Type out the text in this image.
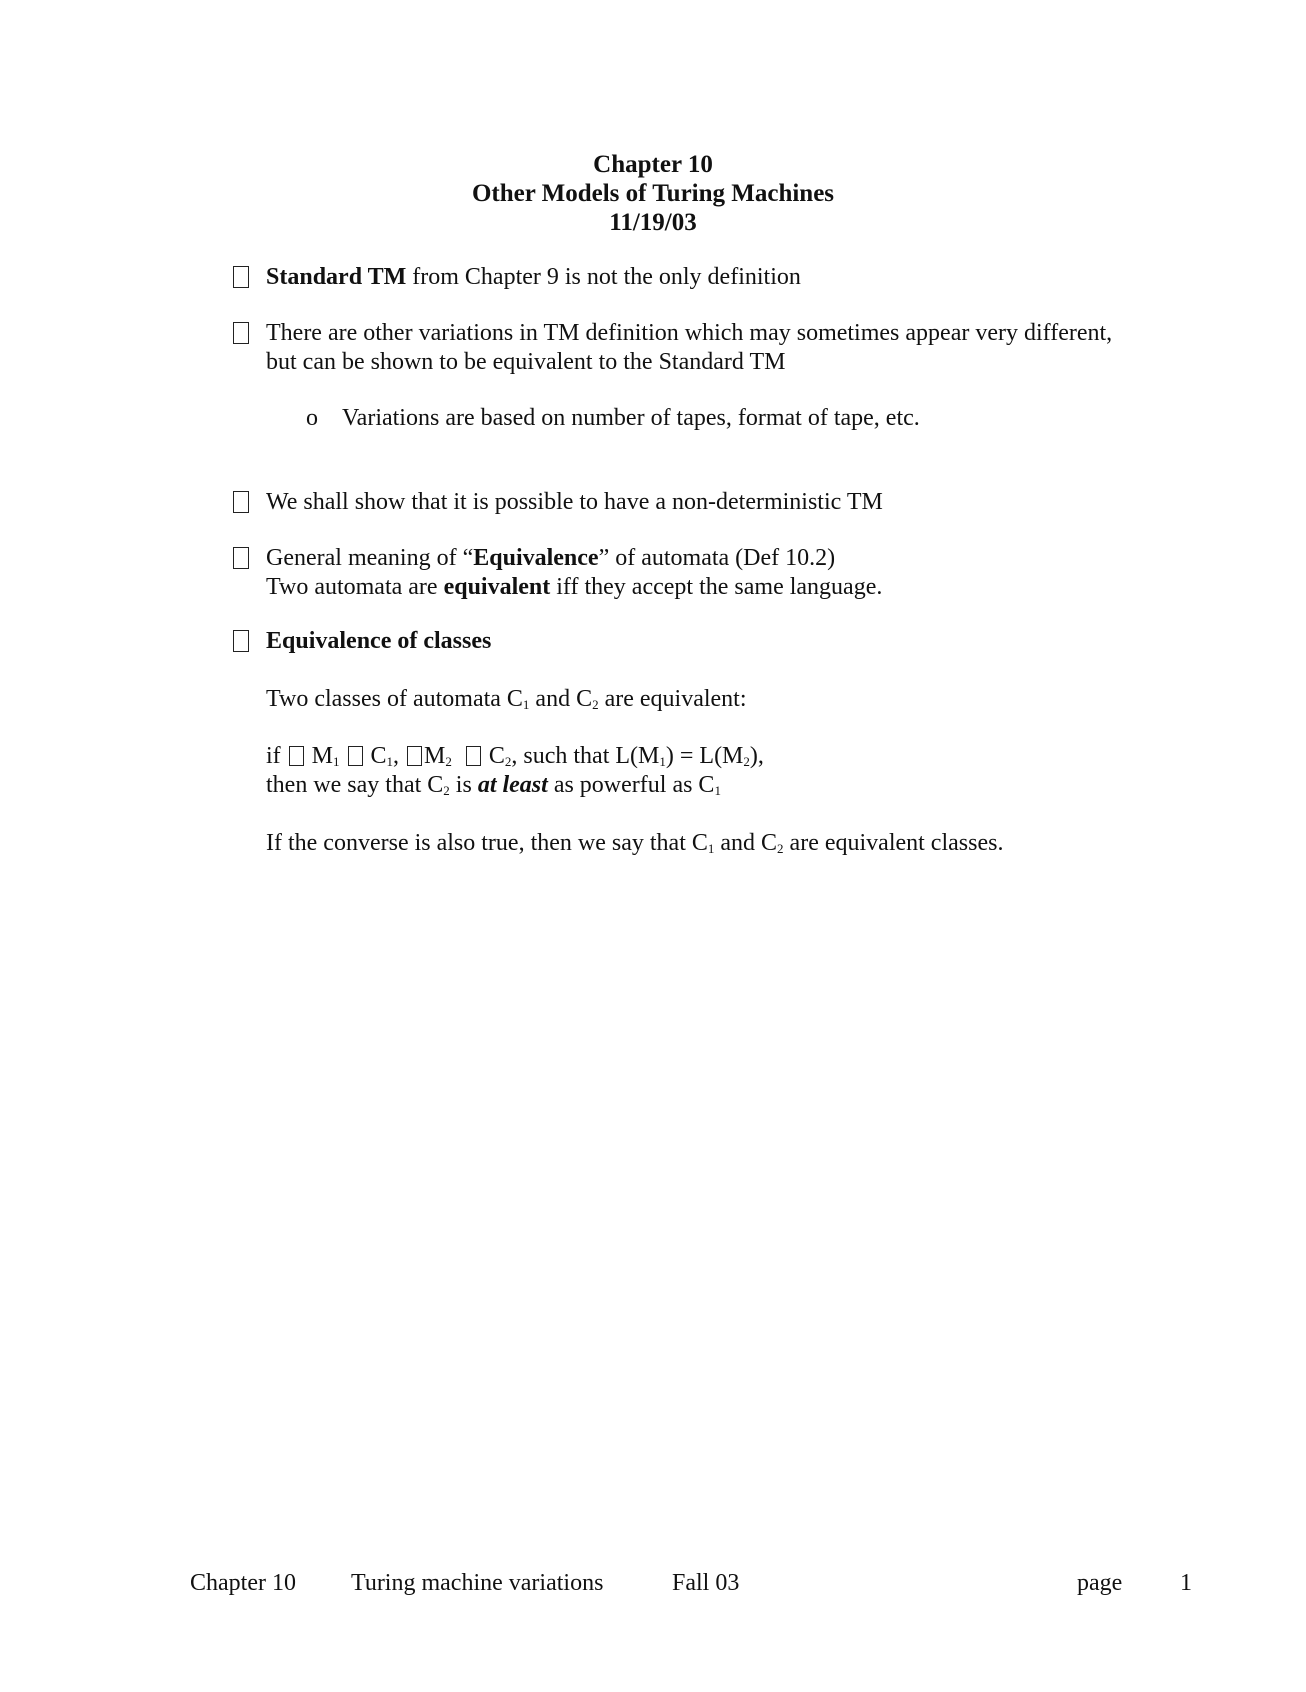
Chapter 10
Other Models of Turing Machines
11/19/03
Standard TM from Chapter 9 is not the only definition
There are other variations in TM definition which may sometimes appear very different,
but can be shown to be equivalent to the Standard TM
o Variations are based on number of tapes, format of tape, etc.
We shall show that it is possible to have a non-deterministic TM
General meaning of “Equivalence” of automata (Def 10.2)
Two automata are equivalent iff they accept the same language.
Equivalence of classes
Two classes of automata $C_1$ and $C_2$ are equivalent:
if  $M_1$  $C_1$, $M_2$   $C_2$, such that $L(M_1) = L(M_2)$,
then we say that $C_2$ is at least as powerful as $C_1$
If the converse is also true, then we say that $C_1$ and $C_2$ are equivalent classes.
Chapter 10 Turing machine variations	Fall 03	page 1
